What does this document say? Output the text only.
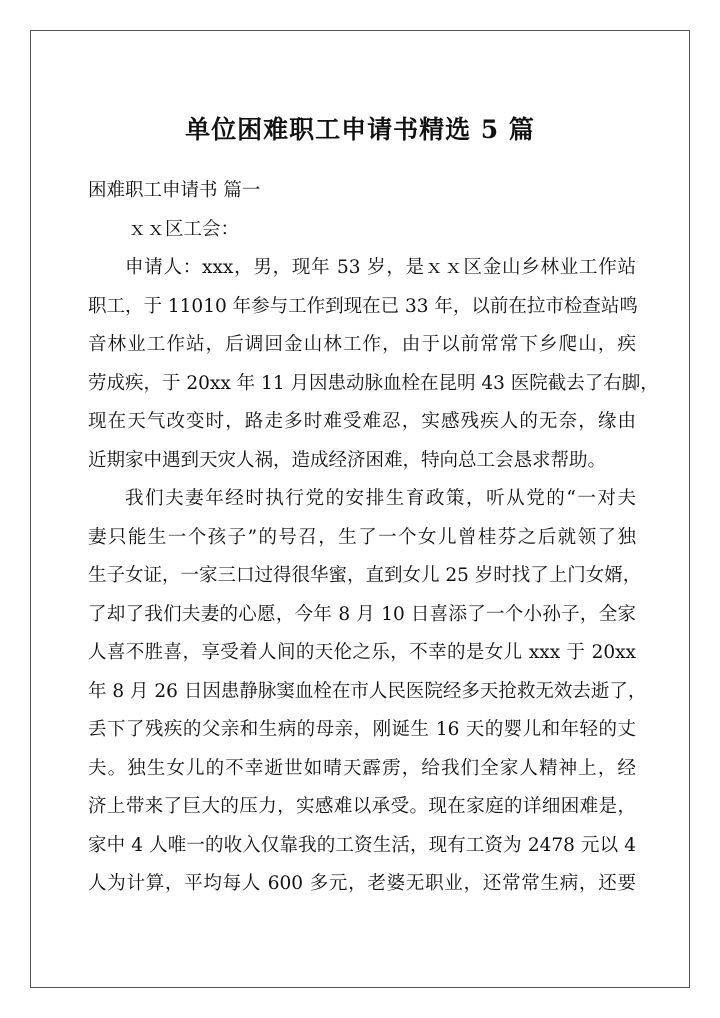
单位困难职工申请书精选 5 篇

困难职工申请书 篇一

ｘｘ区工会：

申请人：xxx，男，现年 53 岁，是ｘｘ区金山乡林业工作站

职工，于 11010 年参与工作到现在已 33 年，以前在拉市检查站鸣

音林业工作站，后调回金山林工作，由于以前常常下乡爬山，疾

劳成疾，于 20xx 年 11 月因患动脉血栓在昆明 43 医院截去了右脚，

现在天气改变时，路走多时难受难忍，实感残疾人的无奈，缘由

近期家中遇到天灾人祸，造成经济困难，特向总工会恳求帮助。

我们夫妻年经时执行党的安排生育政策，听从党的“一对夫

妻只能生一个孩子”的号召，生了一个女儿曾桂芬之后就领了独

生子女证，一家三口过得很华蜜，直到女儿 25 岁时找了上门女婿，

了却了我们夫妻的心愿，今年 8 月 10 日喜添了一个小孙子，全家

人喜不胜喜，享受着人间的天伦之乐，不幸的是女儿 xxx 于 20xx

年 8 月 26 日因患静脉窦血栓在市人民医院经多天抢救无效去逝了，

丢下了残疾的父亲和生病的母亲，刚诞生 16 天的婴儿和年轻的丈

夫。独生女儿的不幸逝世如晴天霹雳，给我们全家人精神上，经

济上带来了巨大的压力，实感难以承受。现在家庭的详细困难是，

家中 4 人唯一的收入仅靠我的工资生活，现有工资为 2478 元以 4

人为计算，平均每人 600 多元，老婆无职业，还常常生病，还要
